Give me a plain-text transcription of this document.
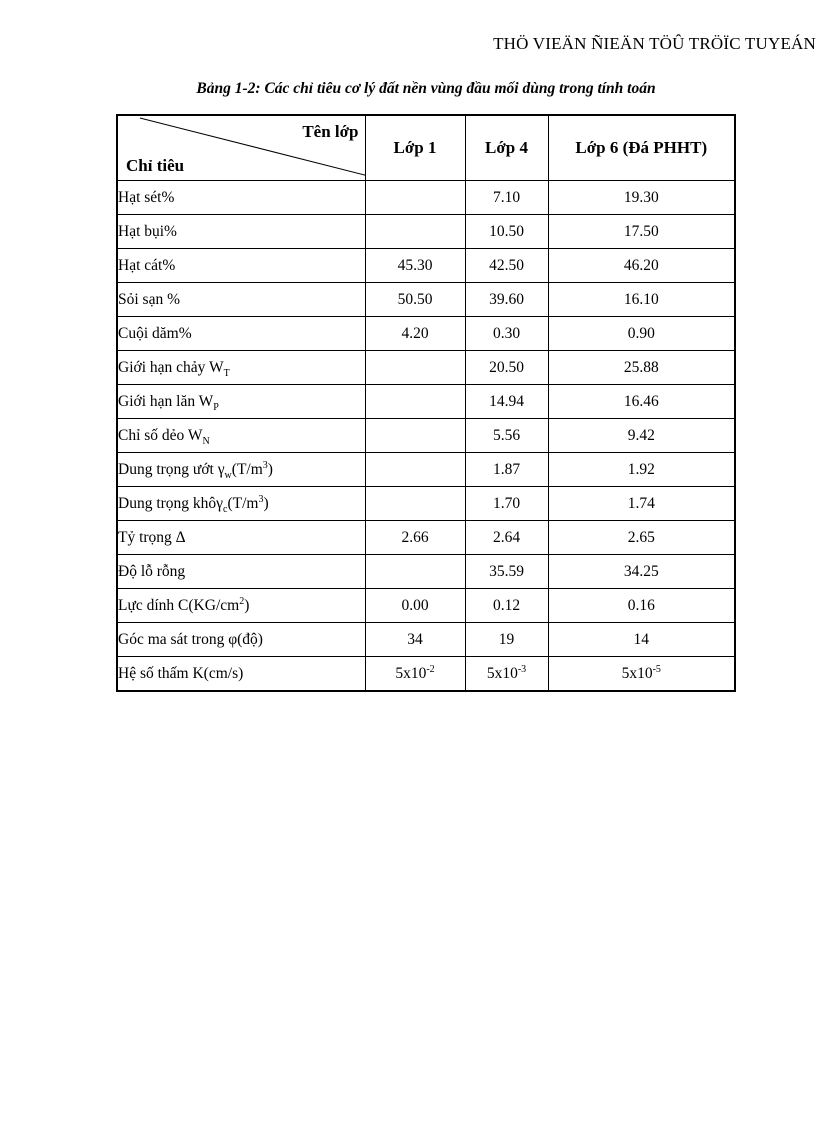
THÖ VIEÄN ÑIEÄN TÖÛ TRÖÏC TUYEÁN
Bảng 1-2: Các chỉ tiêu cơ lý đất nền vùng đầu mối dùng trong tính toán
Tên lớp
Chỉ tiêu	Lớp 1	Lớp 4	Lớp 6 (Đá PHHT)
Hạt sét%		7.10	19.30
Hạt bụi%		10.50	17.50
Hạt cát%	45.30	42.50	46.20
Sỏi sạn %	50.50	39.60	16.10
Cuội dăm%	4.20	0.30	0.90
Giới hạn chảy $W_T$		20.50	25.88
Giới hạn lăn $W_P$		14.94	16.46
Chỉ số dẻo $W_N$		5.56	9.42
Dung trọng ướt $\gamma_w(T/m^3)$		1.87	1.92
Dung trọng $khô\gamma_c(T/m^3)$		1.70	1.74
Tỷ trọng Δ	2.66	2.64	2.65
Độ lỗ rỗng		35.59	34.25
Lực dính $C(KG/cm^2)$	0.00	0.12	0.16
Góc ma sát trong φ(độ)	34	19	14
Hệ số thấm K(cm/s)	$5x10^{-2}$	$5x10^{-3}$	$5x10^{-5}$
